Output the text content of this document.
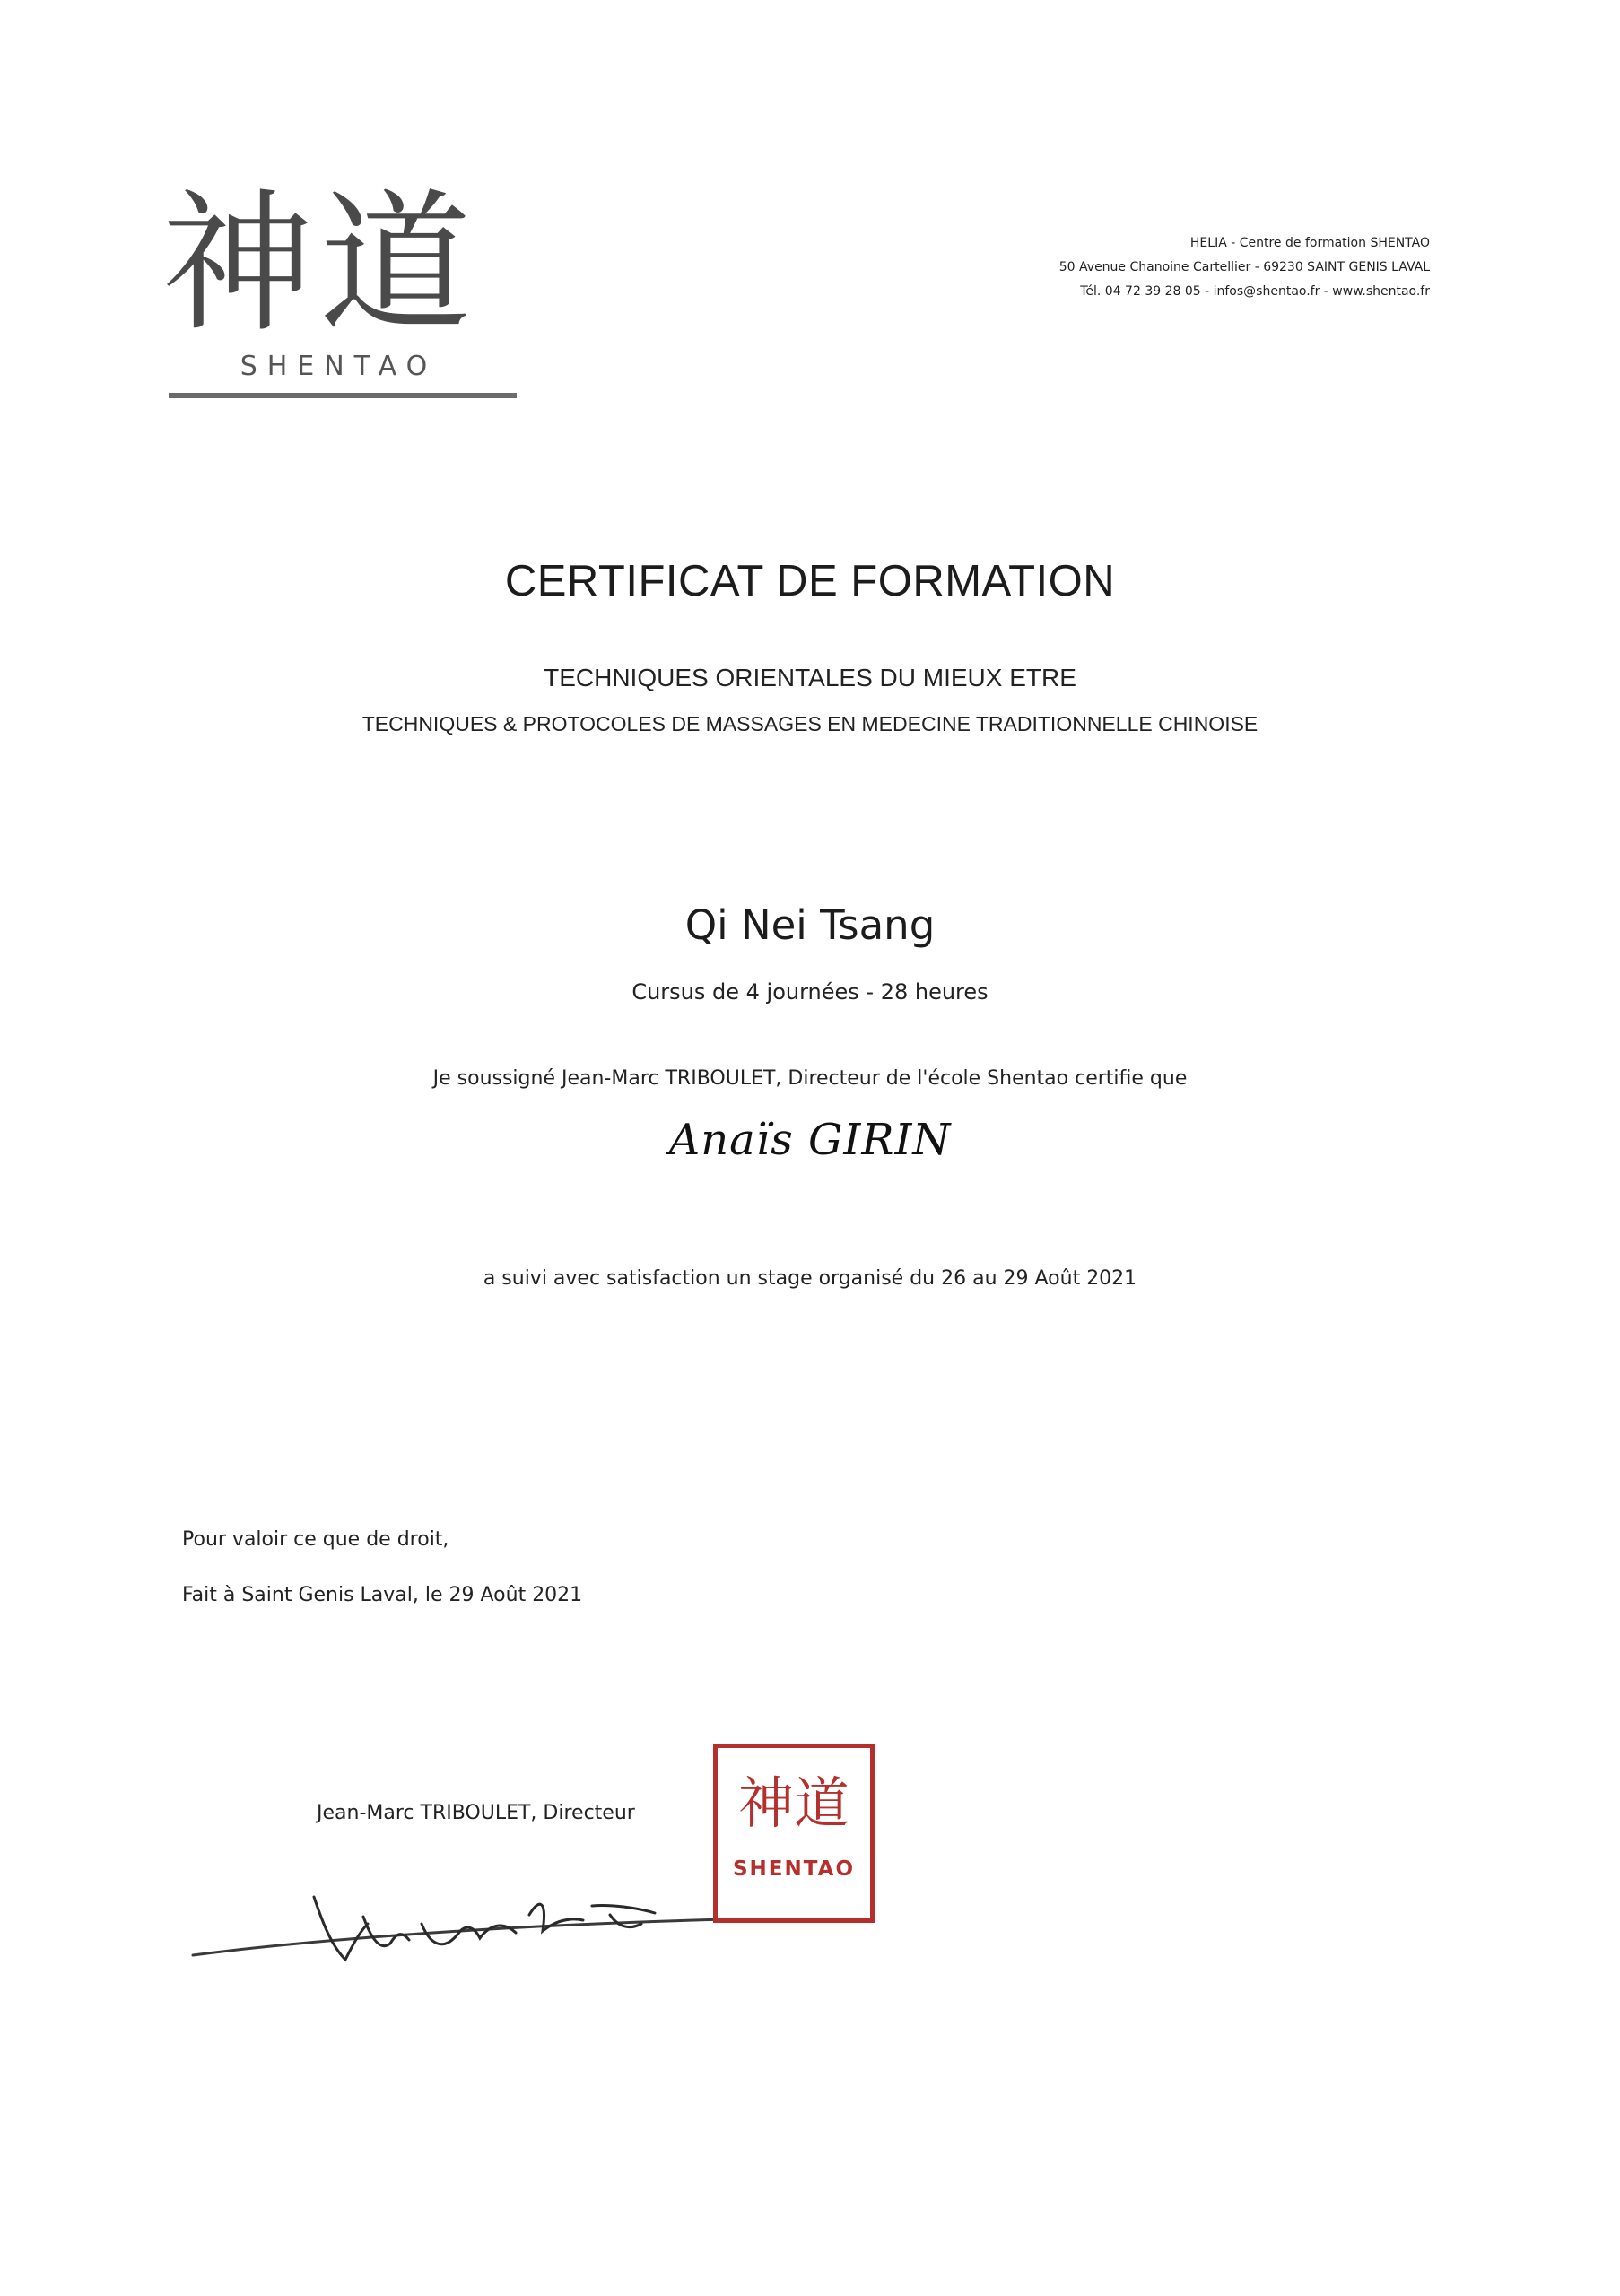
神道
SHENTAO
HELIA - Centre de formation SHENTAO
50 Avenue Chanoine Cartellier - 69230 SAINT GENIS LAVAL
Tél. 04 72 39 28 05 - infos@shentao.fr - www.shentao.fr
CERTIFICAT DE FORMATION
TECHNIQUES ORIENTALES DU MIEUX ETRE
TECHNIQUES & PROTOCOLES DE MASSAGES EN MEDECINE TRADITIONNELLE CHINOISE
Qi Nei Tsang
Cursus de 4 journées - 28 heures
Je soussigné Jean-Marc TRIBOULET, Directeur de l'école Shentao certifie que
Anaïs GIRIN
a suivi avec satisfaction un stage organisé du 26 au 29 Août 2021
Pour valoir ce que de droit,
Fait à Saint Genis Laval, le 29 Août 2021
Jean-Marc TRIBOULET, Directeur	神道
SHENTAO
